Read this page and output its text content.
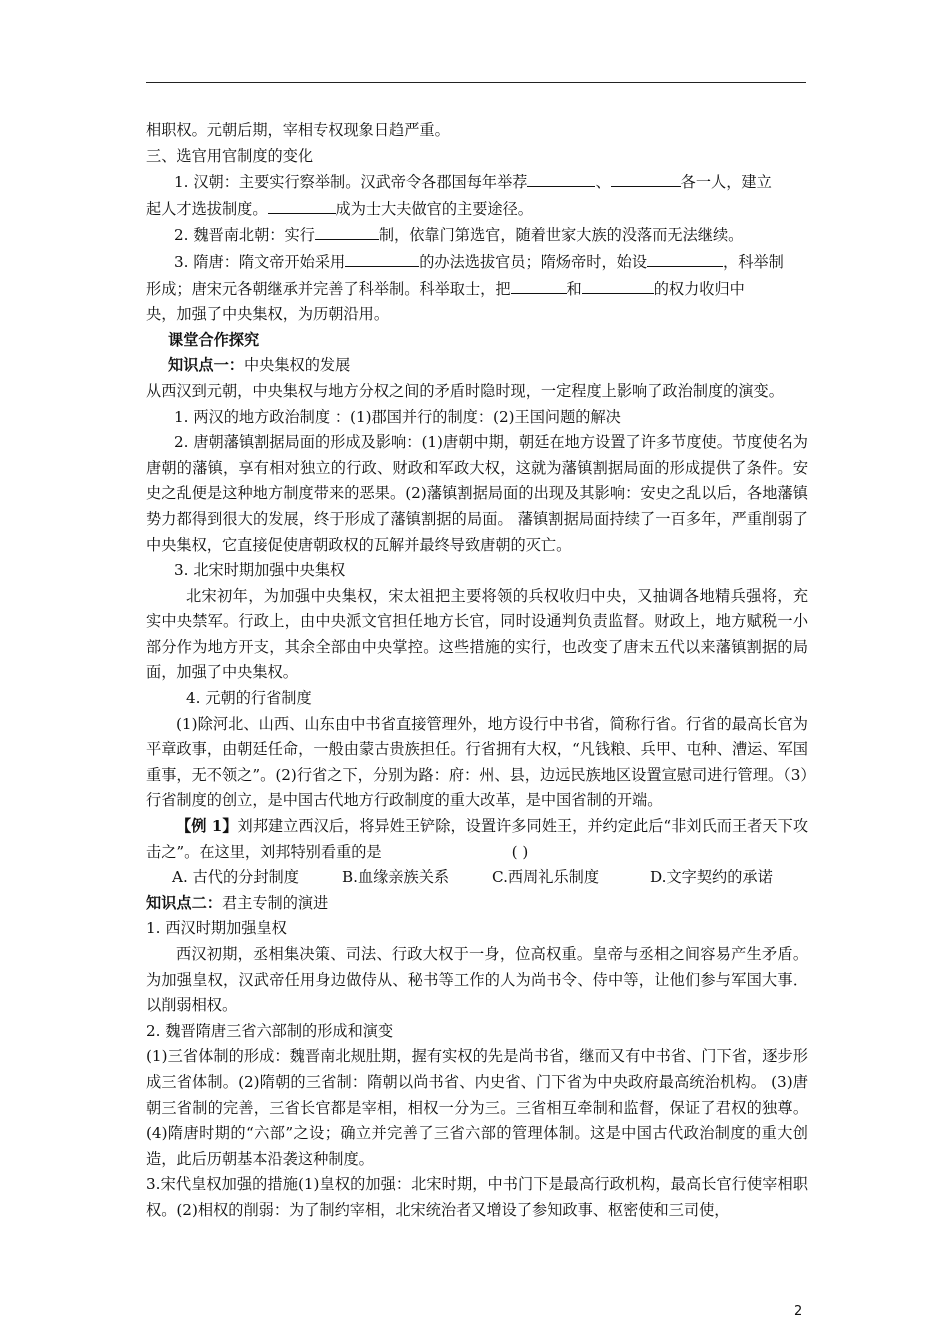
相职权。元朝后期，宰相专权现象日趋严重。
三、选官用官制度的变化
1. 汉朝：主要实行察举制。汉武帝令各郡国每年举荐	、	各一人，建立
起人才选拔制度。	成为士大夫做官的主要途径。
2. 魏晋南北朝：实行	制，依靠门第选官，随着世家大族的没落而无法继续。
3. 隋唐：隋文帝开始采用	的办法选拔官员；隋炀帝时，始设	，科举制
形成；唐宋元各朝继承并完善了科举制。科举取士，把	和	的权力收归中
央，加强了中央集权，为历朝沿用。
课堂合作探究
知识点一：中央集权的发展
从西汉到元朝，中央集权与地方分权之间的矛盾时隐时现，一定程度上影响了政治制度的演变。
1. 两汉的地方政治制度 ：(1)郡国并行的制度：(2)王国问题的解决
2. 唐朝藩镇割据局面的形成及影响：(1)唐朝中期，朝廷在地方设置了许多节度使。节度使名为唐朝的藩镇，享有相对独立的行政、财政和军政大权，这就为藩镇割据局面的形成提供了条件。安史之乱便是这种地方制度带来的恶果。(2)藩镇割据局面的出现及其影响：安史之乱以后，各地藩镇势力都得到很大的发展，终于形成了藩镇割据的局面。 藩镇割据局面持续了一百多年，严重削弱了中央集权，它直接促使唐朝政权的瓦解并最终导致唐朝的灭亡。
3. 北宋时期加强中央集权
北宋初年，为加强中央集权，宋太祖把主要将领的兵权收归中央，又抽调各地精兵强将，充实中央禁军。行政上，由中央派文官担任地方长官，同时设通判负责监督。财政上，地方赋税一小部分作为地方开支，其余全部由中央掌控。这些措施的实行，也改变了唐末五代以来藩镇割据的局面，加强了中央集权。
4. 元朝的行省制度
(1)除河北、山西、山东由中书省直接管理外，地方设行中书省，简称行省。行省的最高长官为平章政事，由朝廷任命，一般由蒙古贵族担任。行省拥有大权，“凡钱粮、兵甲、屯种、漕运、军国重事，无不领之”。(2)行省之下，分别为路：府：州、县，边远民族地区设置宣慰司进行管理。（3）行省制度的创立，是中国古代地方行政制度的重大改革，是中国省制的开端。
【例 1】刘邦建立西汉后，将异姓王铲除，设置许多同姓王，并约定此后“非刘氏而王者天下攻击之”。在这里，刘邦特别看重的是	( )
A. 古代的分封制度	B.血缘亲族关系	C.西周礼乐制度	D.文字契约的承诺
知识点二：君主专制的演进
1. 西汉时期加强皇权
西汉初期，丞相集决策、司法、行政大权于一身，位高权重。皇帝与丞相之间容易产生矛盾。为加强皇权，汉武帝任用身边做侍从、秘书等工作的人为尚书令、侍中等，让他们参与军国大事．以削弱相权。
2. 魏晋隋唐三省六部制的形成和演变
(1)三省体制的形成：魏晋南北规肚期，握有实权的先是尚书省，继而又有中书省、门下省，逐步形成三省体制。(2)隋朝的三省制：隋朝以尚书省、内史省、门下省为中央政府最高统治机构。 (3)唐朝三省制的完善，三省长官都是宰相，相权一分为三。三省相互牵制和监督，保证了君权的独尊。(4)隋唐时期的“六部”之设；确立并完善了三省六部的管理体制。这是中国古代政治制度的重大创造，此后历朝基本沿袭这种制度。
3.宋代皇权加强的措施(1)皇权的加强：北宋时期，中书门下是最高行政机构，最高长官行使宰相职权。(2)相权的削弱：为了制约宰相，北宋统治者又增设了参知政事、枢密使和三司使，
2
